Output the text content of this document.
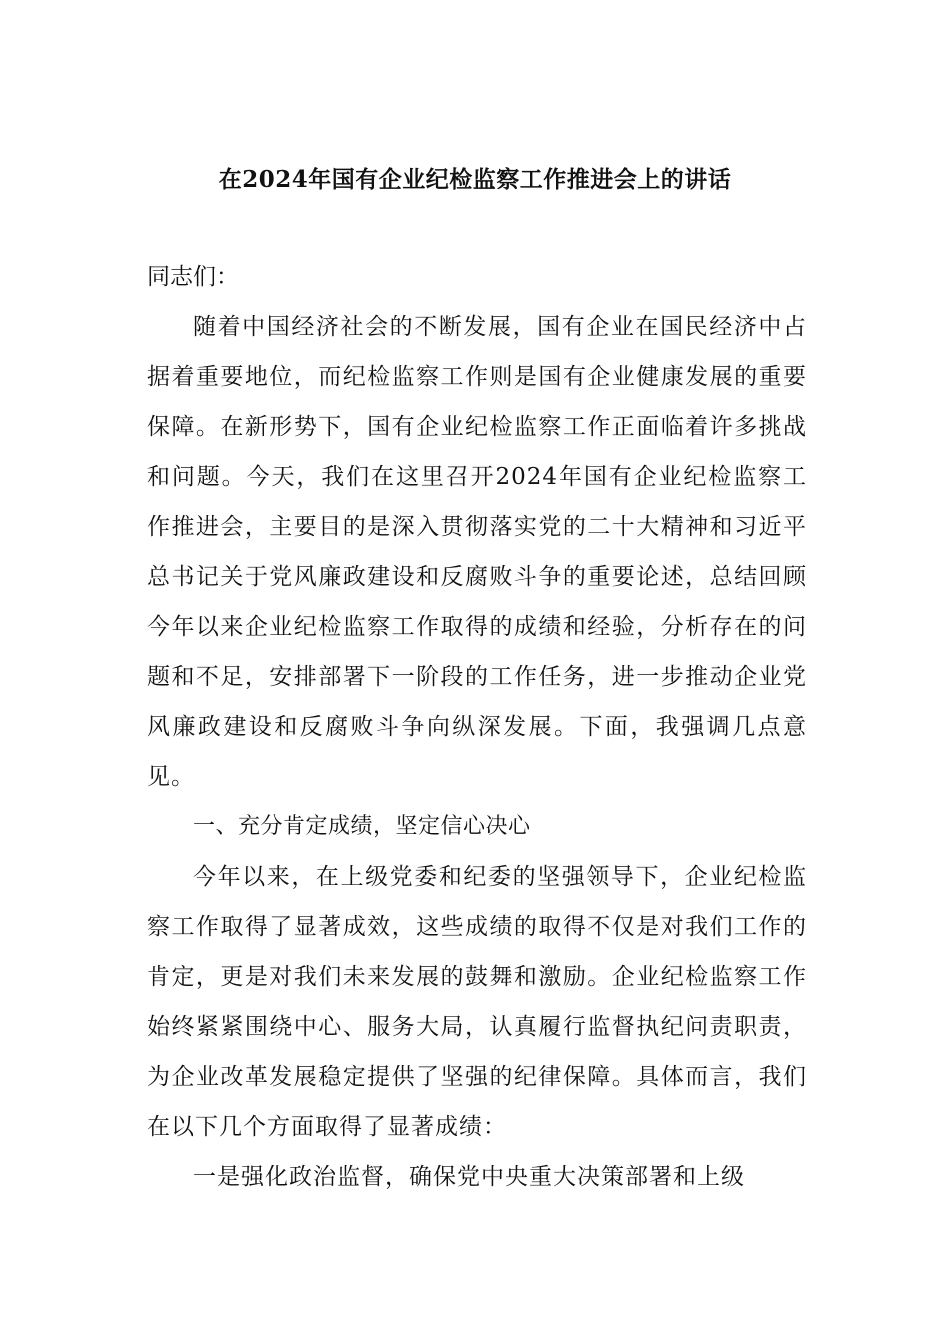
在2024年国有企业纪检监察工作推进会上的讲话

同志们：

随着中国经济社会的不断发展，国有企业在国民经济中占据着重要地位，而纪检监察工作则是国有企业健康发展的重要保障。在新形势下，国有企业纪检监察工作正面临着许多挑战和问题。今天，我们在这里召开2024年国有企业纪检监察工作推进会，主要目的是深入贯彻落实党的二十大精神和习近平总书记关于党风廉政建设和反腐败斗争的重要论述，总结回顾今年以来企业纪检监察工作取得的成绩和经验，分析存在的问题和不足，安排部署下一阶段的工作任务，进一步推动企业党风廉政建设和反腐败斗争向纵深发展。下面，我强调几点意见。

一、充分肯定成绩，坚定信心决心

今年以来，在上级党委和纪委的坚强领导下，企业纪检监察工作取得了显著成效，这些成绩的取得不仅是对我们工作的肯定，更是对我们未来发展的鼓舞和激励。企业纪检监察工作始终紧紧围绕中心、服务大局，认真履行监督执纪问责职责，为企业改革发展稳定提供了坚强的纪律保障。具体而言，我们在以下几个方面取得了显著成绩：

一是强化政治监督，确保党中央重大决策部署和上级
